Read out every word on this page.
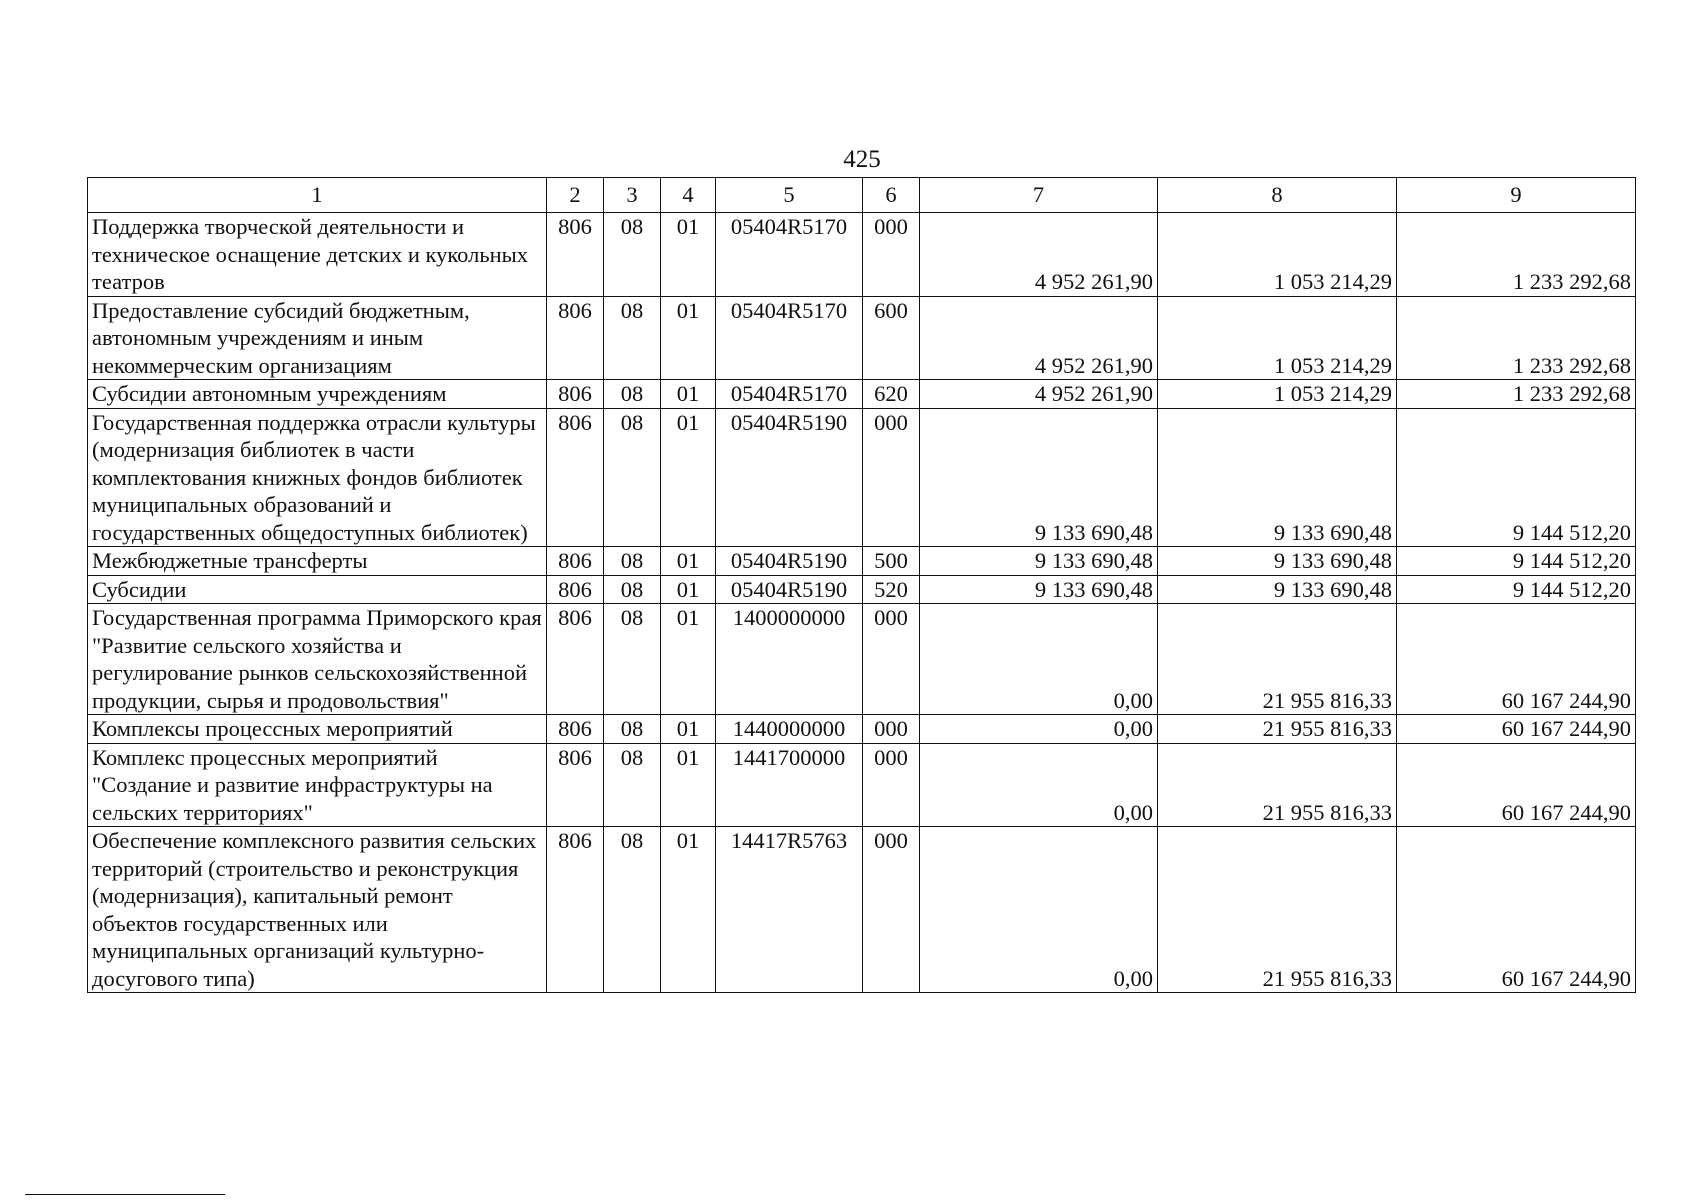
425
1	2	3	4	5	6	7	8	9
Поддержка творческой деятельности и техническое оснащение детских и кукольных театров	806	08	01	05404R5170	000	4 952 261,90	1 053 214,29	1 233 292,68
Предоставление субсидий бюджетным, автономным учреждениям и иным некоммерческим организациям	806	08	01	05404R5170	600	4 952 261,90	1 053 214,29	1 233 292,68
Субсидии автономным учреждениям	806	08	01	05404R5170	620	4 952 261,90	1 053 214,29	1 233 292,68
Государственная поддержка отрасли культуры (модернизация библиотек в части комплектования книжных фондов библиотек муниципальных образований и государственных общедоступных библиотек)	806	08	01	05404R5190	000	9 133 690,48	9 133 690,48	9 144 512,20
Межбюджетные трансферты	806	08	01	05404R5190	500	9 133 690,48	9 133 690,48	9 144 512,20
Субсидии	806	08	01	05404R5190	520	9 133 690,48	9 133 690,48	9 144 512,20
Государственная программа Приморского края "Развитие сельского хозяйства и регулирование рынков сельскохозяйственной продукции, сырья и продовольствия"	806	08	01	1400000000	000	0,00	21 955 816,33	60 167 244,90
Комплексы процессных мероприятий	806	08	01	1440000000	000	0,00	21 955 816,33	60 167 244,90
Комплекс процессных мероприятий "Создание и развитие инфраструктуры на сельских территориях"	806	08	01	1441700000	000	0,00	21 955 816,33	60 167 244,90
Обеспечение комплексного развития сельских территорий (строительство и реконструкция (модернизация), капитальный ремонт объектов государственных или муниципальных организаций культурно-досугового типа)	806	08	01	14417R5763	000	0,00	21 955 816,33	60 167 244,90
